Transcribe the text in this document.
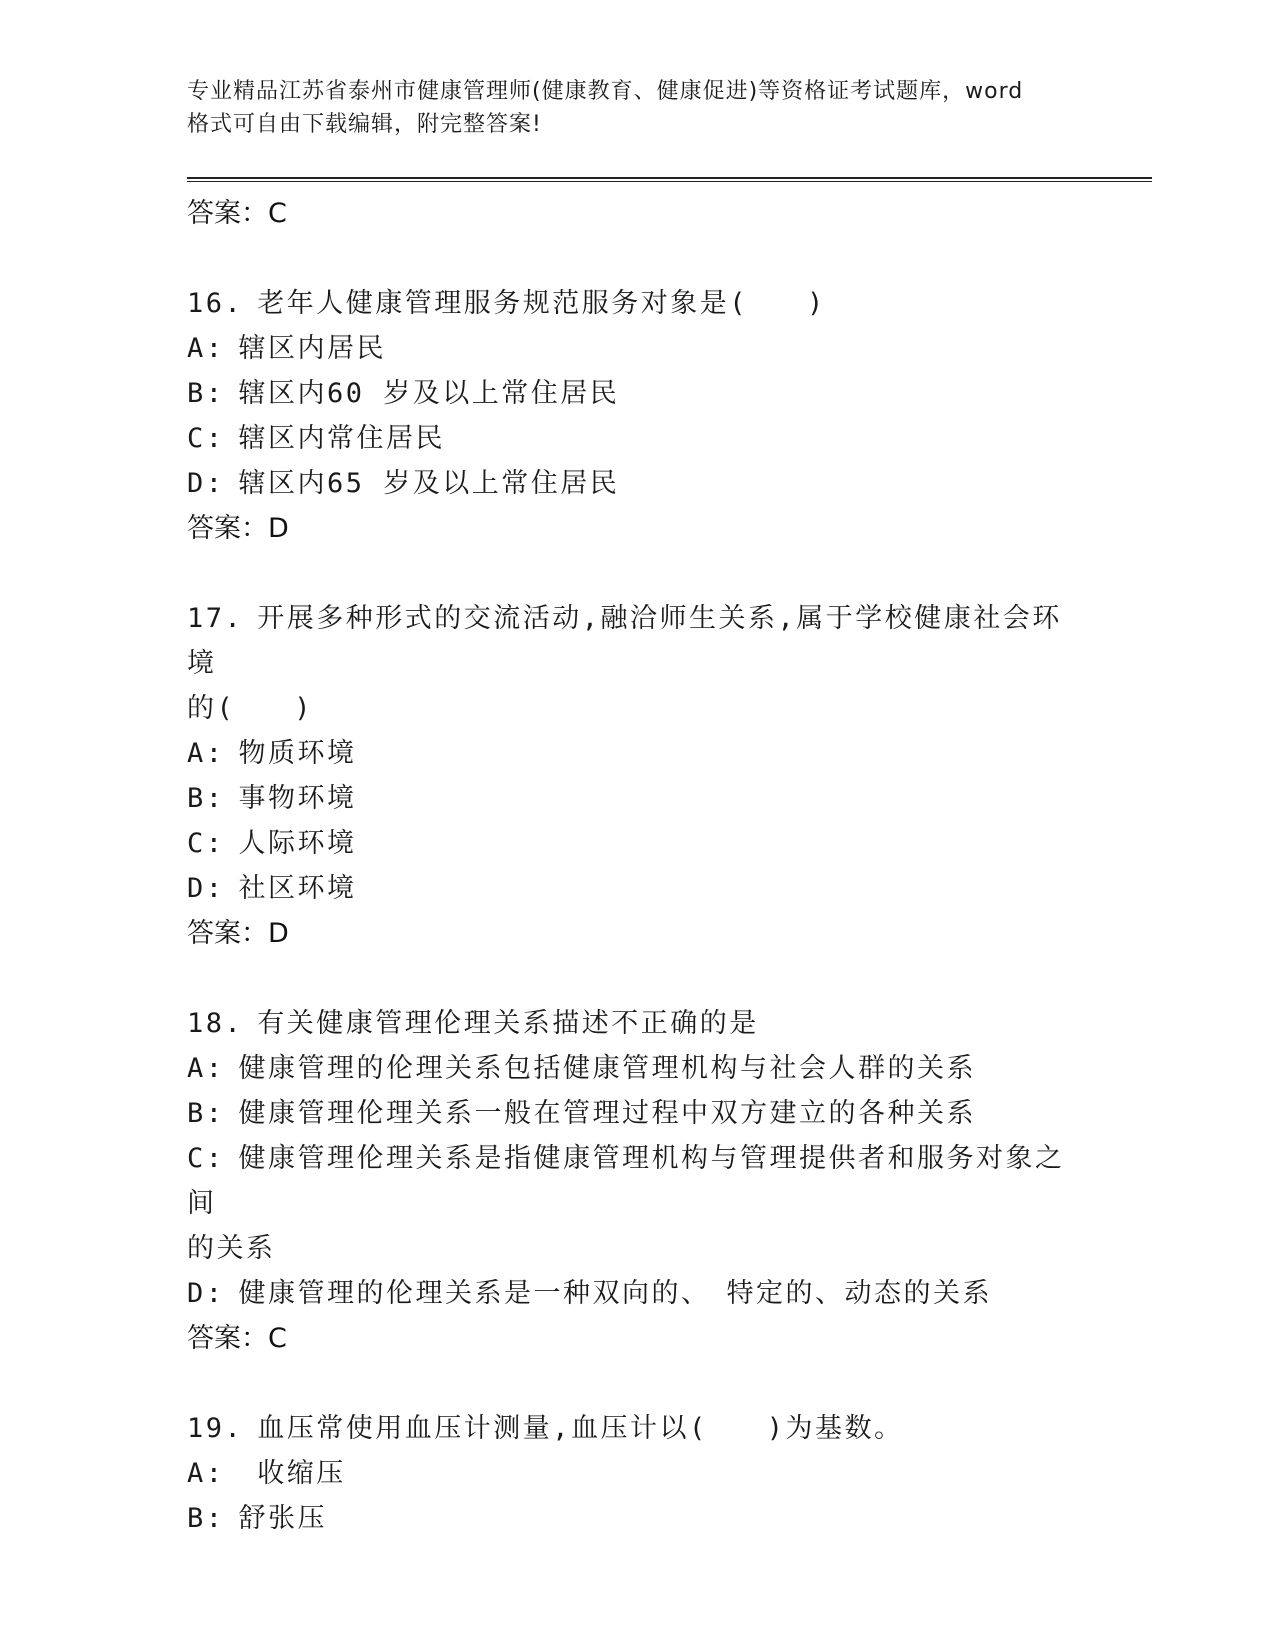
专业精品江苏省泰州市健康管理师(健康教育、健康促进)等资格证考试题库，word
格式可自由下载编辑，附完整答案!
答案：C
16. 老年人健康管理服务规范服务对象是(　　)
A: 辖区内居民
B: 辖区内60 岁及以上常住居民
C: 辖区内常住居民
D: 辖区内65 岁及以上常住居民
答案：D
17. 开展多种形式的交流活动,融洽师生关系,属于学校健康社会环境
的(　　)
A: 物质环境
B: 事物环境
C: 人际环境
D: 社区环境
答案：D
18. 有关健康管理伦理关系描述不正确的是
A: 健康管理的伦理关系包括健康管理机构与社会人群的关系
B: 健康管理伦理关系一般在管理过程中双方建立的各种关系
C: 健康管理伦理关系是指健康管理机构与管理提供者和服务对象之间
的关系
D: 健康管理的伦理关系是一种双向的、　特定的、动态的关系
答案：C
19. 血压常使用血压计测量,血压计以(　　)为基数。
A: 收缩压
B: 舒张压
